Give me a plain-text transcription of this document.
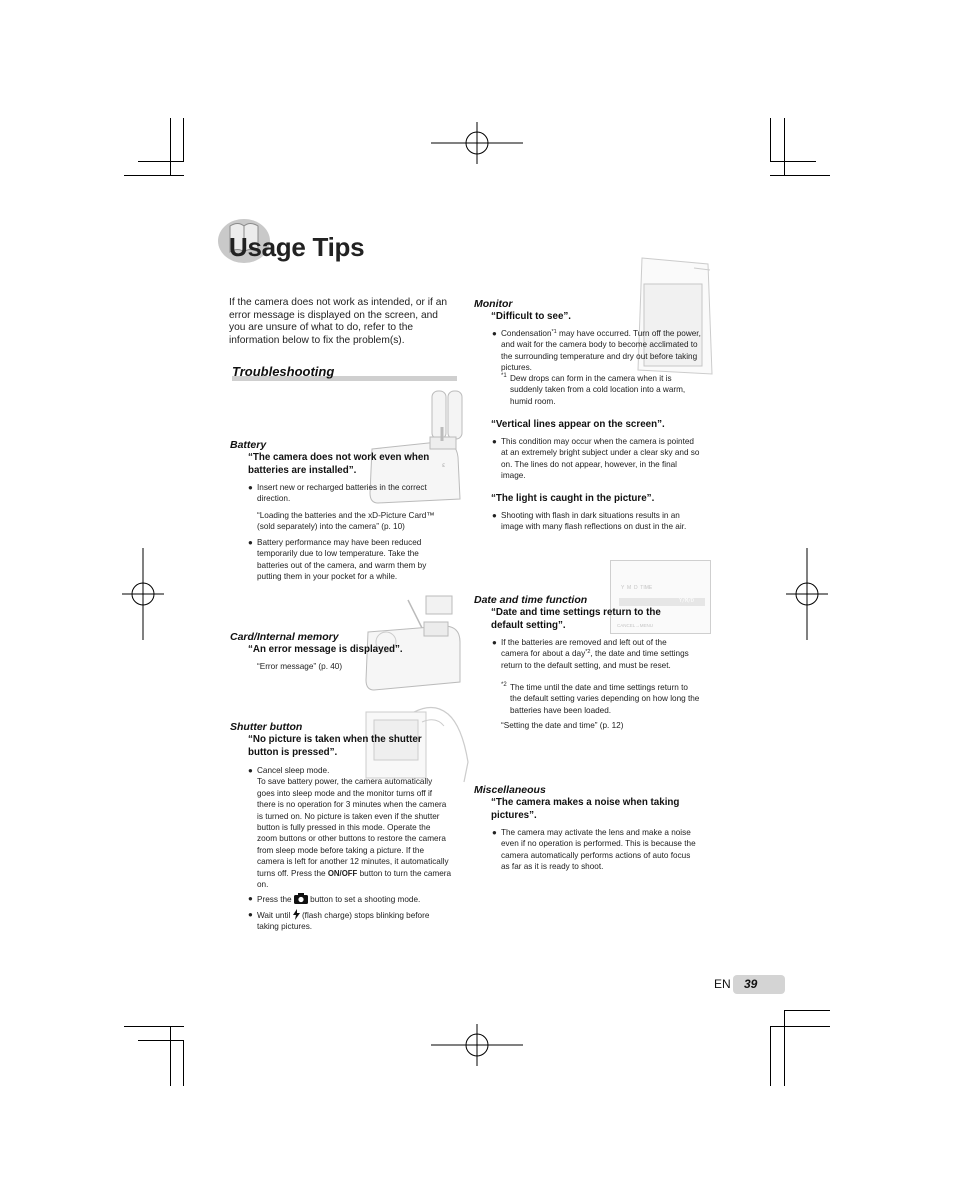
Usage Tips
If the camera does not work as intended, or if an error message is displayed on the screen, and you are unsure of what to do, refer to the information below to fix the problem(s).
Troubleshooting
ε
Battery
“The camera does not work even when batteries are installed”.
● Insert new or recharged batteries in the correct direction.
“Loading the batteries and the xD-Picture Card™ (sold separately) into the camera” (p. 10)
● Battery performance may have been reduced temporarily due to low temperature. Take the batteries out of the camera, and warm them by putting them in your pocket for a while.
Card/Internal memory
“An error message is displayed”.
“Error message” (p. 40)
Shutter button
“No picture is taken when the shutter button is pressed”.
● Cancel sleep mode.
To save battery power, the camera automatically goes into sleep mode and the monitor turns off if there is no operation for 3 minutes when the camera is turned on. No picture is taken even if the shutter button is fully pressed in this mode. Operate the zoom buttons or other buttons to restore the camera from sleep mode before taking a picture. If the camera is left for another 12 minutes, it automatically turns off. Press the ON/OFF button to turn the camera on.
● Press the button to set a shooting mode.
● Wait until (flash charge) stops blinking before taking pictures.
Monitor
“Difficult to see”.
● Condensation$^{*1}$ may have occurred. Turn off the power, and wait for the camera body to become acclimated to the surrounding temperature and dry out before taking pictures.
*1 Dew drops can form in the camera when it is suddenly taken from a cold location into a warm, humid room.
“Vertical lines appear on the screen”.
● This condition may occur when the camera is pointed at an extremely bright subject under a clear sky and so on. The lines do not appear, however, in the final image.
“The light is caught in the picture”.
● Shooting with flash in dark situations results in an image with many flash reflections on dust in the air.
Y  M  D  TIME
Y/M/D
CANCEL→MENU
Date and time function
“Date and time settings return to the default setting”.
● If the batteries are removed and left out of the camera for about a day$^{*2}$, the date and time settings return to the default setting, and must be reset.
*2 The time until the date and time settings return to the default setting varies depending on how long the batteries have been loaded.
“Setting the date and time” (p. 12)
Miscellaneous
“The camera makes a noise when taking pictures”.
● The camera may activate the lens and make a noise even if no operation is performed. This is because the camera automatically performs actions of auto focus as far as it is ready to shoot.
EN 39
